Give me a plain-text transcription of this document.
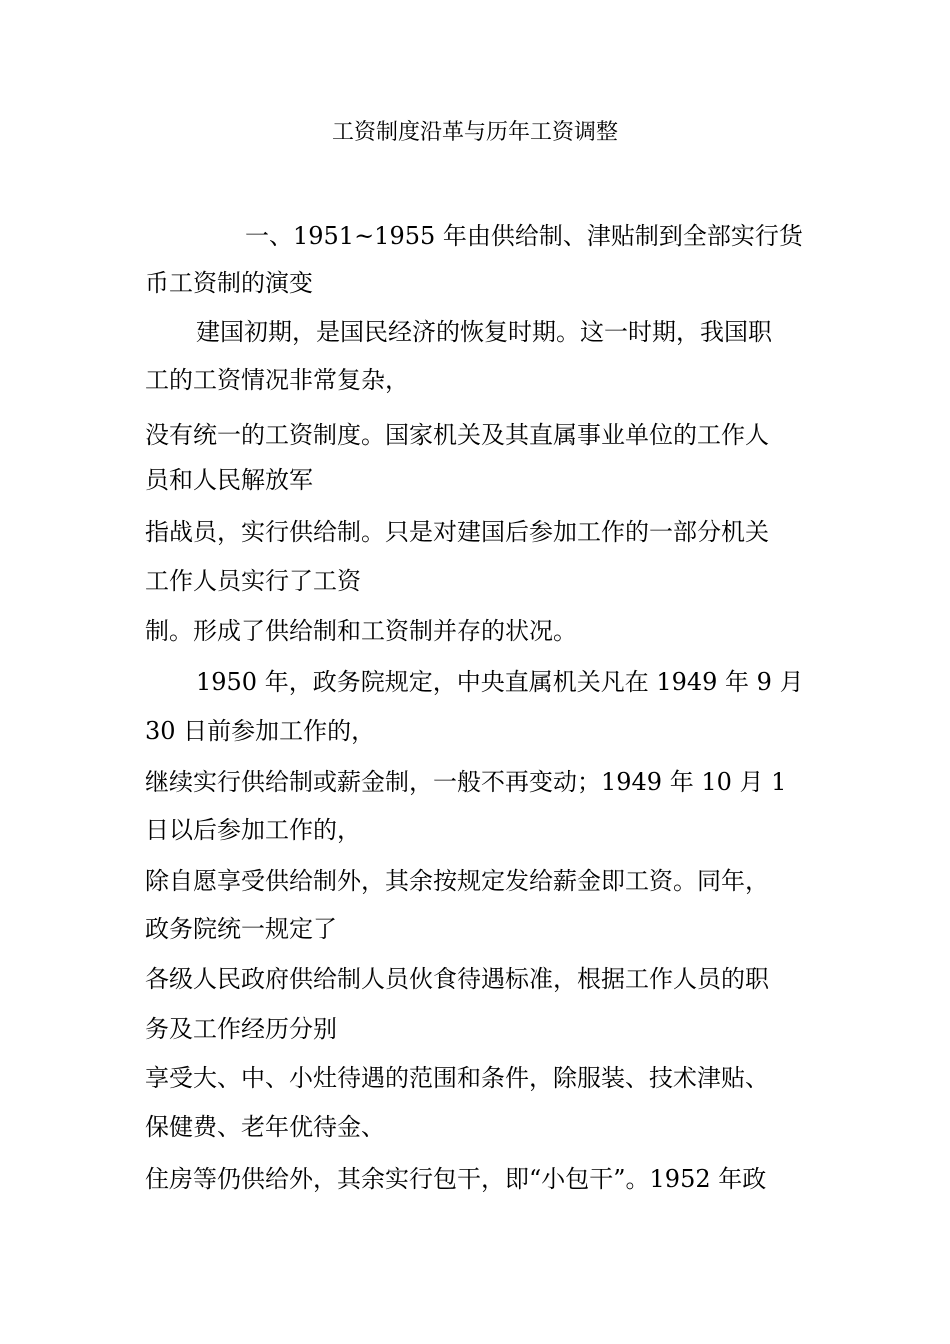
工资制度沿革与历年工资调整
一、1951~1955 年由供给制、津贴制到全部实行货
币工资制的演变
建国初期，是国民经济的恢复时期。这一时期，我国职
工的工资情况非常复杂，
没有统一的工资制度。国家机关及其直属事业单位的工作人
员和人民解放军
指战员，实行供给制。只是对建国后参加工作的一部分机关
工作人员实行了工资
制。形成了供给制和工资制并存的状况。
1950 年，政务院规定，中央直属机关凡在 1949 年 9 月
30 日前参加工作的，
继续实行供给制或薪金制，一般不再变动；1949 年 10 月 1
日以后参加工作的，
除自愿享受供给制外，其余按规定发给薪金即工资。同年，
政务院统一规定了
各级人民政府供给制人员伙食待遇标准，根据工作人员的职
务及工作经历分别
享受大、中、小灶待遇的范围和条件，除服装、技术津贴、
保健费、老年优待金、
住房等仍供给外，其余实行包干，即“小包干”。1952 年政
